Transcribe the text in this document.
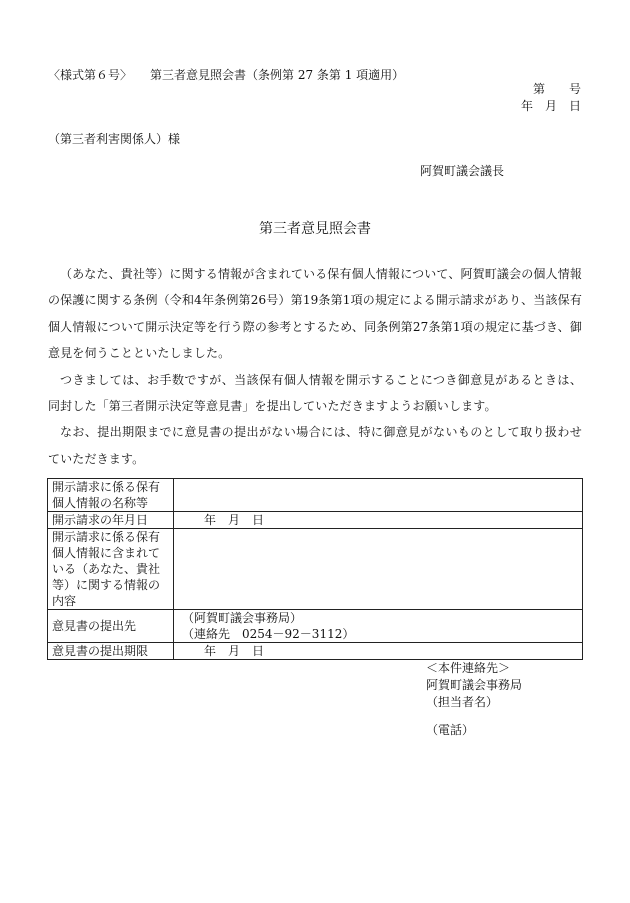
〈様式第６号〉 第三者意見照会書（条例第 27 条第 1 項適用）
第　　号
年　月　日
（第三者利害関係人）様
阿賀町議会議長
第三者意見照会書

（あなた、貴社等）に関する情報が含まれている保有個人情報について、阿賀町議会の個人情報の保護に関する条例（令和4年条例第26号）第19条第1項の規定による開示請求があり、当該保有個人情報について開示決定等を行う際の参考とするため、同条例第27条第1項の規定に基づき、御意見を伺うことといたしました。

つきましては、お手数ですが、当該保有個人情報を開示することにつき御意見があるときは、同封した「第三者開示決定等意見書」を提出していただきますようお願いします。

なお、提出期限までに意見書の提出がない場合には、特に御意見がないものとして取り扱わせていただきます。

開示請求に係る保有個人情報の名称等	
開示請求の年月日	年　月　日
開示請求に係る保有個人情報に含まれている（あなた、貴社等）に関する情報の内容	
意見書の提出先	（阿賀町議会事務局）
（連絡先　0254－92－3112）
意見書の提出期限	年　月　日
＜本件連絡先＞
阿賀町議会事務局
（担当者名）
（電話）
